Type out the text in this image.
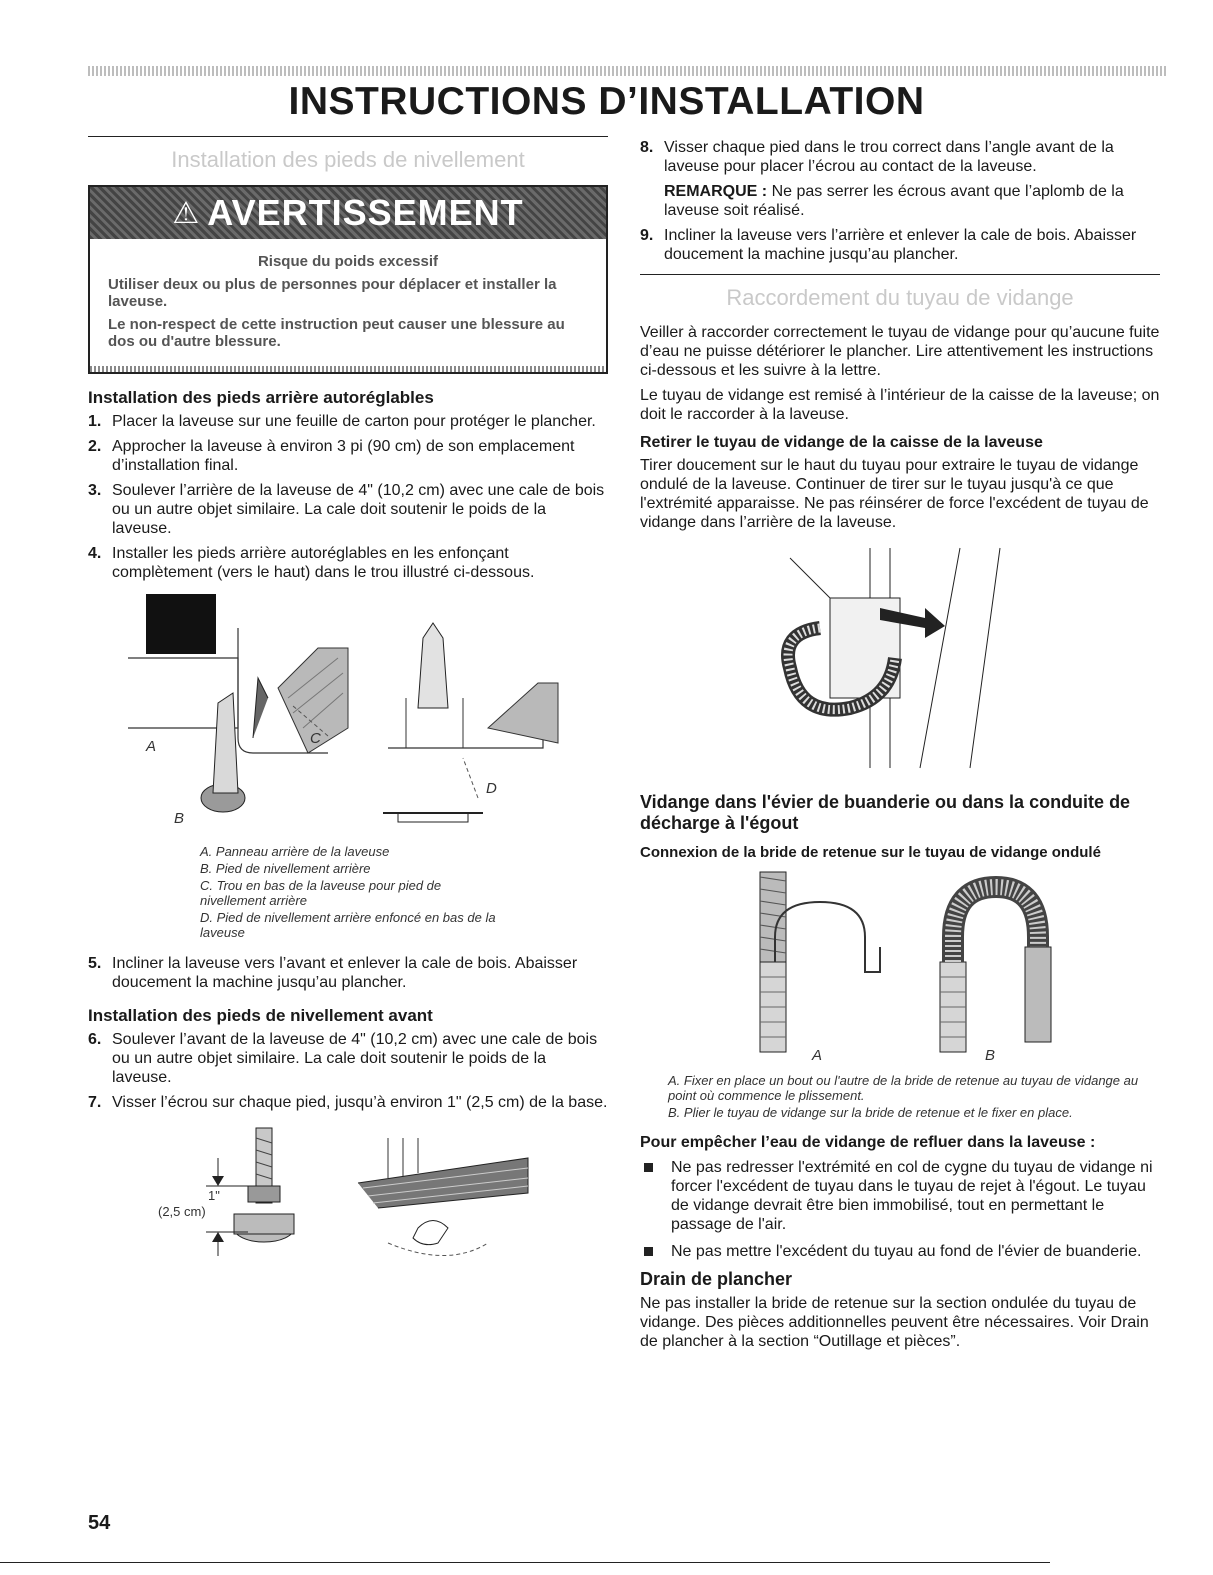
INSTRUCTIONS D’INSTALLATION
Installation des pieds de nivellement
⚠ AVERTISSEMENT

Risque du poids excessif

Utiliser deux ou plus de personnes pour déplacer et installer la laveuse.

Le non-respect de cette instruction peut causer une blessure au dos ou d'autre blessure.

Installation des pieds arrière autoréglables
1. Placer la laveuse sur une feuille de carton pour protéger le plancher.
2. Approcher la laveuse à environ 3 pi (90 cm) de son emplacement d’installation final.
3. Soulever l’arrière de la laveuse de 4" (10,2 cm) avec une cale de bois ou un autre objet similaire. La cale doit soutenir le poids de la laveuse.
4. Installer les pieds arrière autoréglables en les enfonçant complètement (vers le haut) dans le trou illustré ci-dessous.
A
B
C
D
A. Panneau arrière de la laveuse
B. Pied de nivellement arrière
C. Trou en bas de la laveuse pour pied de nivellement arrière
D. Pied de nivellement arrière enfoncé en bas de la laveuse
5. Incliner la laveuse vers l’avant et enlever la cale de bois. Abaisser doucement la machine jusqu’au plancher.
Installation des pieds de nivellement avant
6. Soulever l’avant de la laveuse de 4" (10,2 cm) avec une cale de bois ou un autre objet similaire. La cale doit soutenir le poids de la laveuse.
7. Visser l’écrou sur chaque pied, jusqu’à environ 1" (2,5 cm) de la base.
1"
(2,5 cm)
8. Visser chaque pied dans le trou correct dans l’angle avant de la laveuse pour placer l’écrou au contact de la laveuse.
REMARQUE : Ne pas serrer les écrous avant que l’aplomb de la laveuse soit réalisé.
9. Incliner la laveuse vers l’arrière et enlever la cale de bois. Abaisser doucement la machine jusqu’au plancher.
Raccordement du tuyau de vidange

Veiller à raccorder correctement le tuyau de vidange pour qu’aucune fuite d’eau ne puisse détériorer le plancher. Lire attentivement les instructions ci-dessous et les suivre à la lettre.

Le tuyau de vidange est remisé à l’intérieur de la caisse de la laveuse; on doit le raccorder à la laveuse.

Retirer le tuyau de vidange de la caisse de la laveuse

Tirer doucement sur le haut du tuyau pour extraire le tuyau de vidange ondulé de la laveuse. Continuer de tirer sur le tuyau jusqu'à ce que l'extrémité apparaisse. Ne pas réinsérer de force l'excédent de tuyau de vidange dans l’arrière de la laveuse.

Vidange dans l'évier de buanderie ou dans la conduite de décharge à l'égout
Connexion de la bride de retenue sur le tuyau de vidange ondulé
A	B
A. Fixer en place un bout ou l'autre de la bride de retenue au tuyau de vidange au point où commence le plissement.
B. Plier le tuyau de vidange sur la bride de retenue et le fixer en place.
Pour empêcher l’eau de vidange de refluer dans la laveuse :
Ne pas redresser l'extrémité en col de cygne du tuyau de vidange ni forcer l'excédent de tuyau dans le tuyau de rejet à l'égout. Le tuyau de vidange devrait être bien immobilisé, tout en permettant le passage de l'air.
Ne pas mettre l'excédent du tuyau au fond de l'évier de buanderie.
Drain de plancher

Ne pas installer la bride de retenue sur la section ondulée du tuyau de vidange. Des pièces additionnelles peuvent être nécessaires. Voir Drain de plancher à la section “Outillage et pièces”.

54
